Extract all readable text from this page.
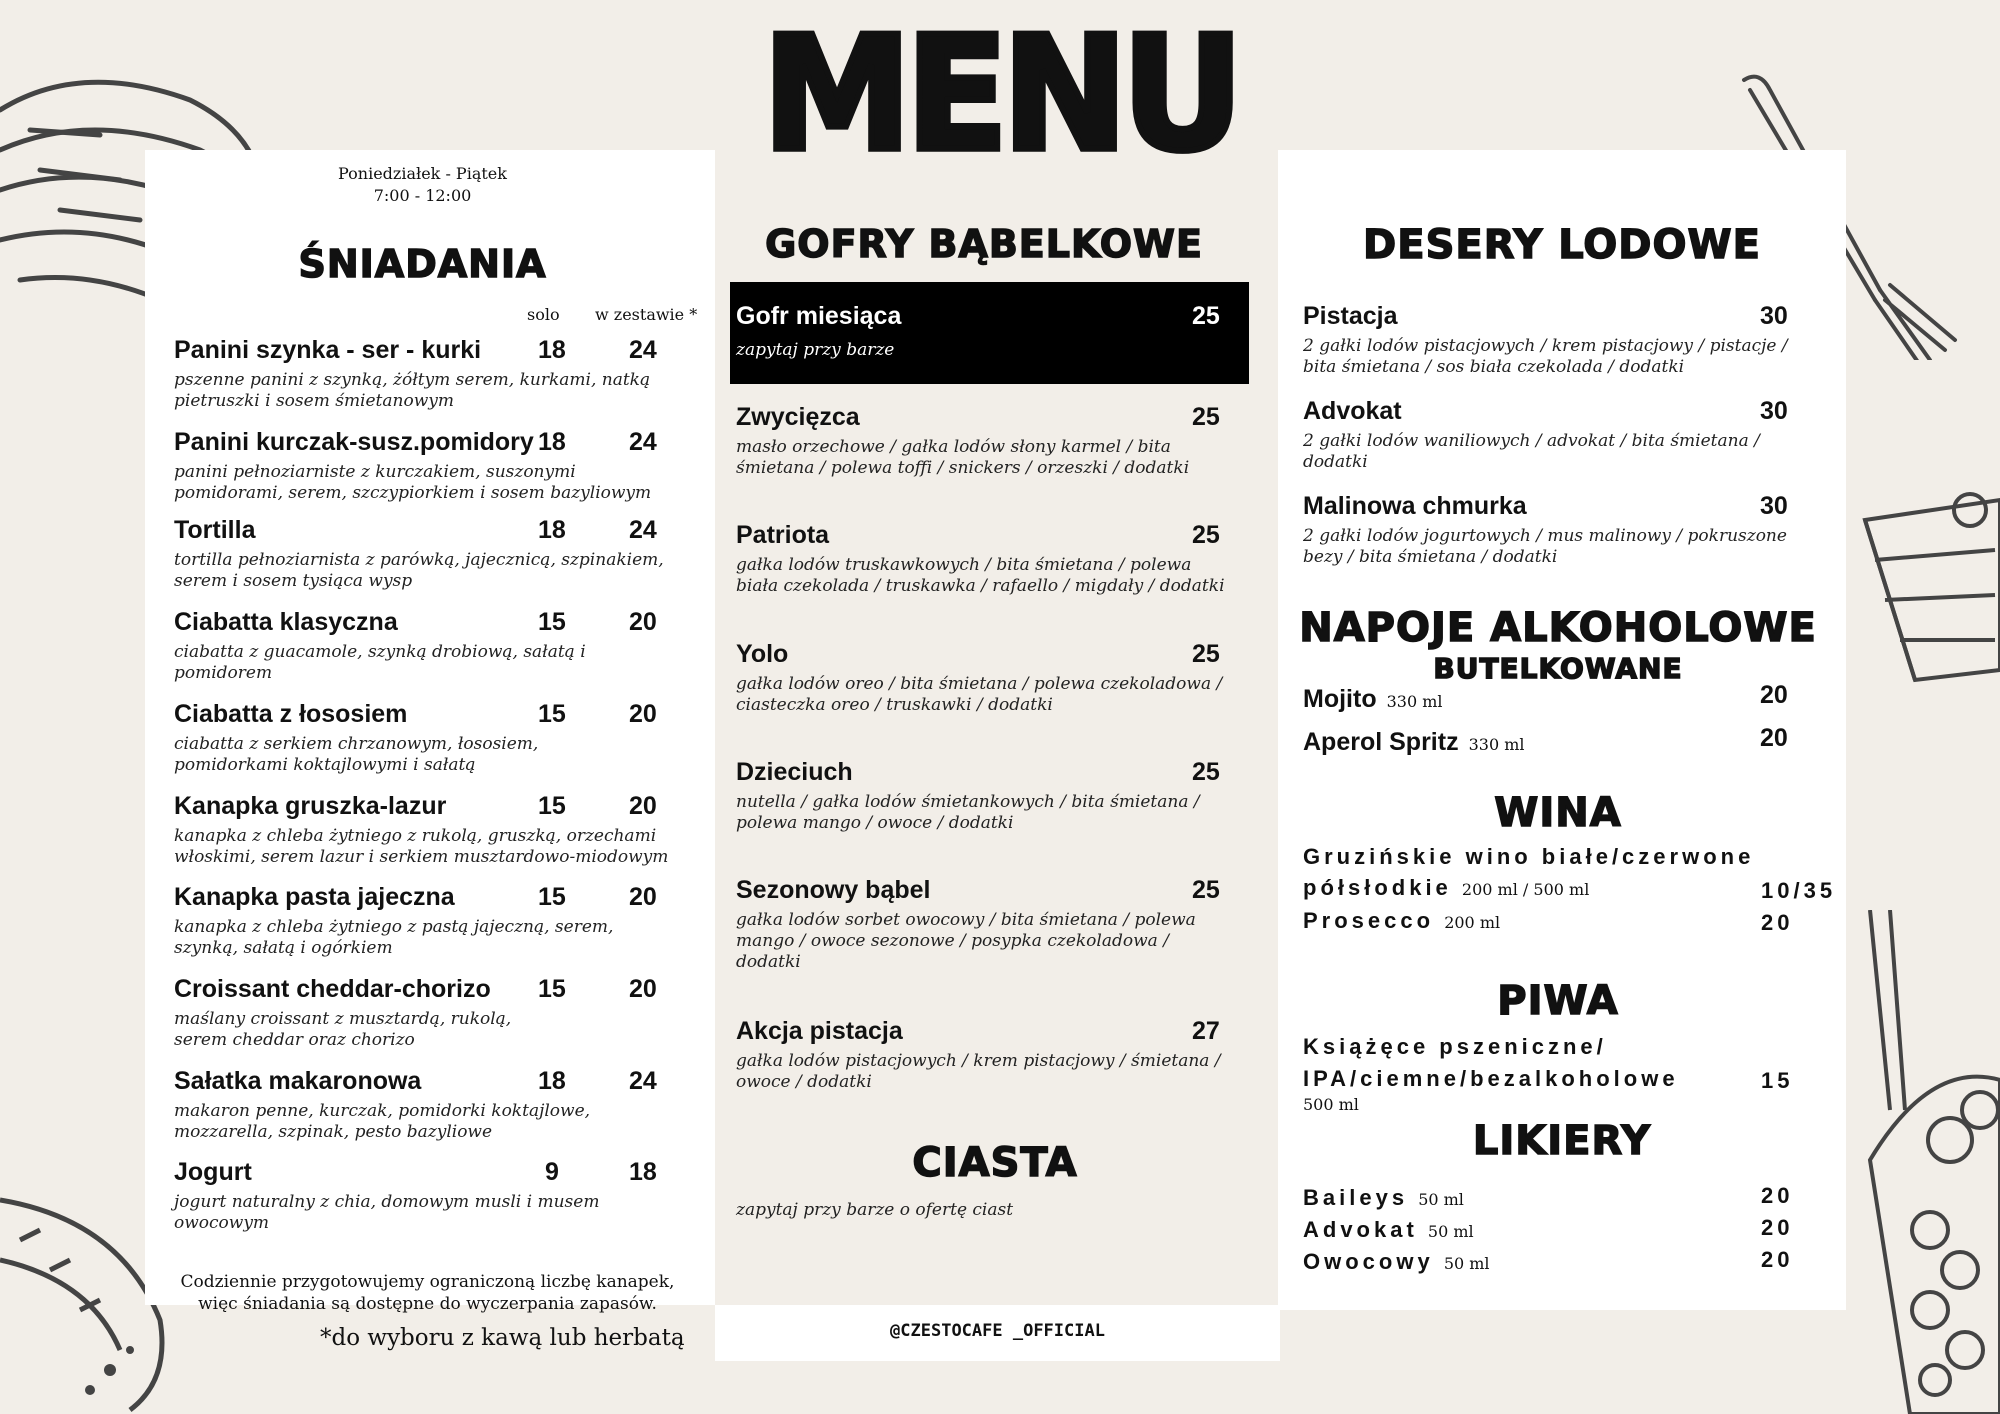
MENU
Poniedziałek - Piątek
7:00 - 12:00
ŚNIADANIA
solo w zestawie *
Panini szynka - ser - kurki 18	24
pszenne panini z szynką, żółtym serem, kurkami, natką
pietruszki i sosem śmietanowym
Panini kurczak-susz.pomidory 18	24
panini pełnoziarniste z kurczakiem, suszonymi
pomidorami, serem, szczypiorkiem i sosem bazyliowym
Tortilla	18	24
tortilla pełnoziarnista z parówką, jajecznicą, szpinakiem,
serem i sosem tysiąca wysp
Ciabatta klasyczna	15	20
ciabatta z guacamole, szynką drobiową, sałatą i
pomidorem
Ciabatta z łososiem	15	20
ciabatta z serkiem chrzanowym, łososiem,
pomidorkami koktajlowymi i sałatą
Kanapka gruszka-lazur	15	20
kanapka z chleba żytniego z rukolą, gruszką, orzechami
włoskimi, serem lazur i serkiem musztardowo-miodowym
Kanapka pasta jajeczna	15	20
kanapka z chleba żytniego z pastą jajeczną, serem,
szynką, sałatą i ogórkiem
Croissant cheddar-chorizo 15	20
maślany croissant z musztardą, rukolą,
serem cheddar oraz chorizo
Sałatka makaronowa	18	24
makaron penne, kurczak, pomidorki koktajlowe,
mozzarella, szpinak, pesto bazyliowe
Jogurt	9	18
jogurt naturalny z chia, domowym musli i musem
owocowym
Codziennie przygotowujemy ograniczoną liczbę kanapek,
więc śniadania są dostępne do wyczerpania zapasów.
*do wyboru z kawą lub herbatą
GOFRY BĄBELKOWE
Gofr miesiąca	25
zapytaj przy barze
Zwycięzca	25
masło orzechowe / gałka lodów słony karmel / bita
śmietana / polewa toffi / snickers / orzeszki / dodatki
Patriota	25
gałka lodów truskawkowych / bita śmietana / polewa
biała czekolada / truskawka / rafaello / migdały / dodatki
Yolo	25
gałka lodów oreo / bita śmietana / polewa czekoladowa /
ciasteczka oreo / truskawki / dodatki
Dzieciuch	25
nutella / gałka lodów śmietankowych / bita śmietana /
polewa mango / owoce / dodatki
Sezonowy bąbel	25
gałka lodów sorbet owocowy / bita śmietana / polewa
mango / owoce sezonowe / posypka czekoladowa /
dodatki
Akcja pistacja	27
gałka lodów pistacjowych / krem pistacjowy / śmietana /
owoce / dodatki
CIASTA
zapytaj przy barze o ofertę ciast
@CZESTOCAFE _OFFICIAL
DESERY LODOWE
Pistacja	30
2 gałki lodów pistacjowych / krem pistacjowy / pistacje /
bita śmietana / sos biała czekolada / dodatki
Advokat	30
2 gałki lodów waniliowych / advokat / bita śmietana /
dodatki
Malinowa chmurka	30
2 gałki lodów jogurtowych / mus malinowy / pokruszone
bezy / bita śmietana / dodatki
NAPOJE ALKOHOLOWE
BUTELKOWANE
Mojito 330 ml	20
Aperol Spritz 330 ml	20
WINA
Gruzińskie wino białe/czerwone
półsłodkie 200 ml / 500 ml	10/35
Prosecco 200 ml	20
PIWA
Książęce pszeniczne/
IPA/ciemne/bezalkoholowe	15
500 ml
LIKIERY
Baileys 50 ml	20
Advokat 50 ml	20
Owocowy 50 ml	20
